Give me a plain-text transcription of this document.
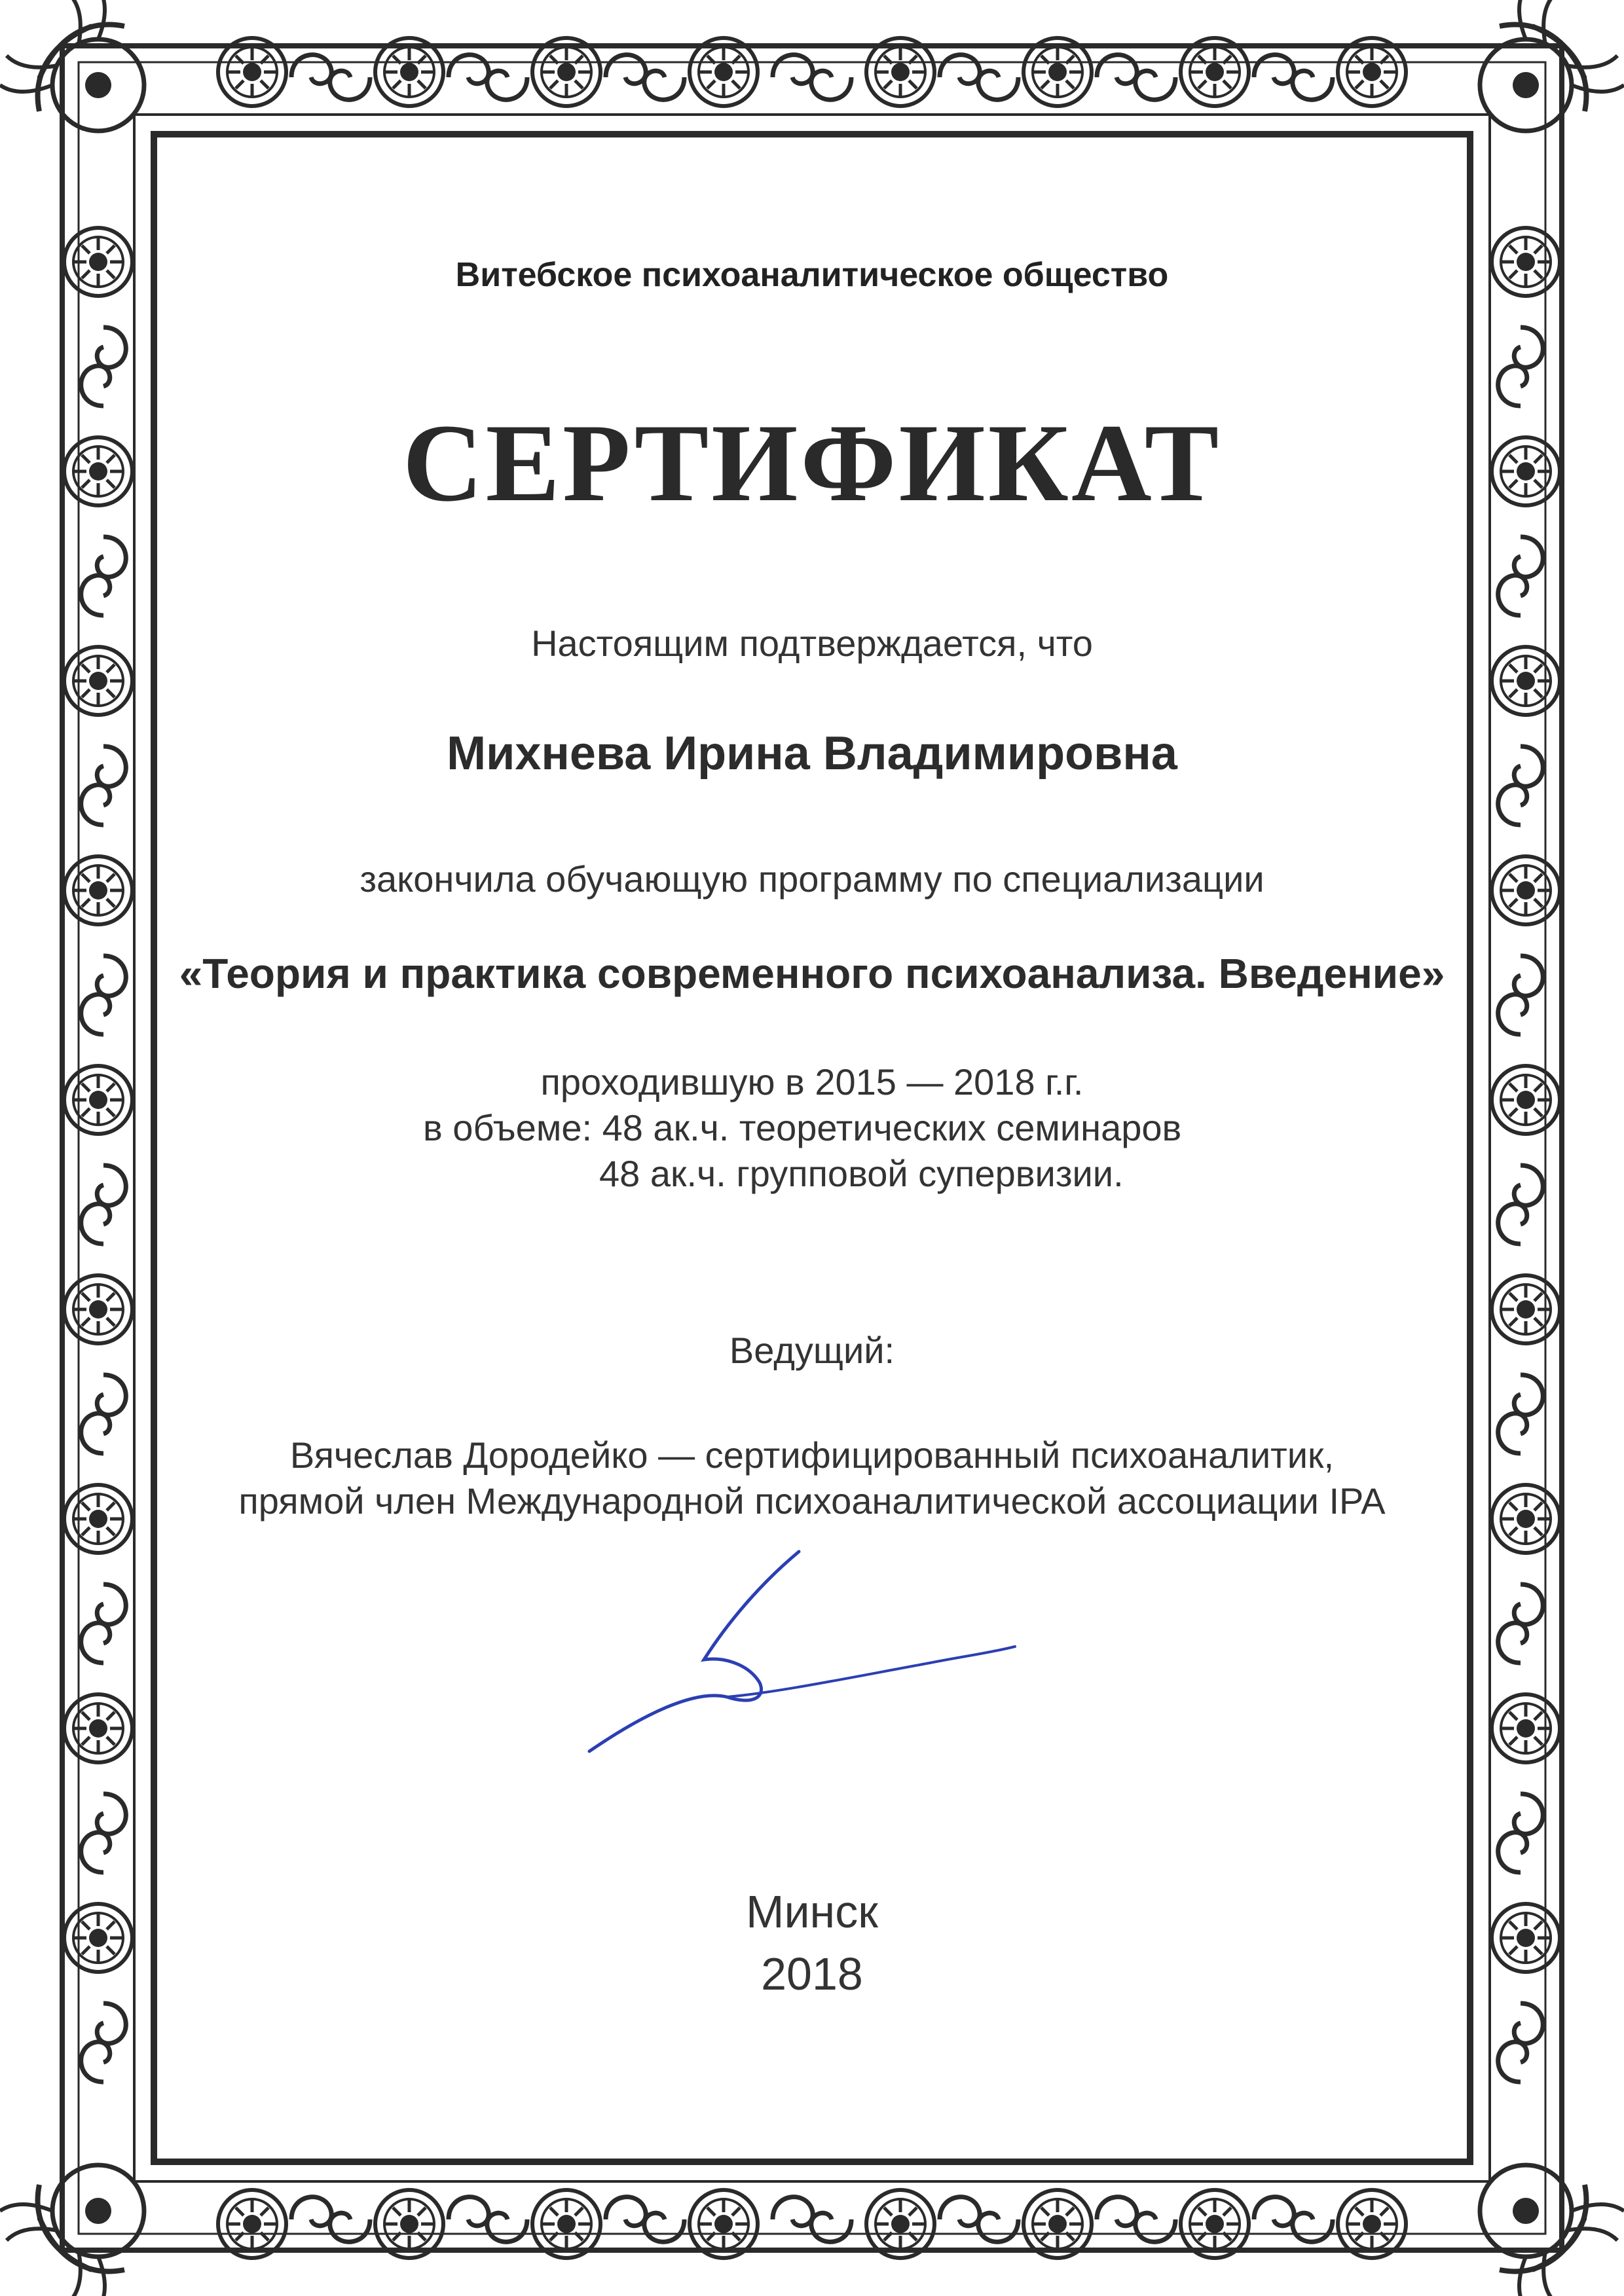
Витебское психоаналитическое общество
СЕРТИФИКАТ
Настоящим подтверждается, что
Михнева Ирина Владимировна
закончила обучающую программу по специализации
«Теория и практика современного психоанализа. Введение»
проходившую в 2015 — 2018 г.г.
в объеме: 48 ак.ч. теоретических семинаров
48 ак.ч. групповой супервизии.
Ведущий:
Вячеслав Дородейко — сертифицированный психоаналитик,
прямой член Международной психоаналитической ассоциации IPA
Минск
2018
